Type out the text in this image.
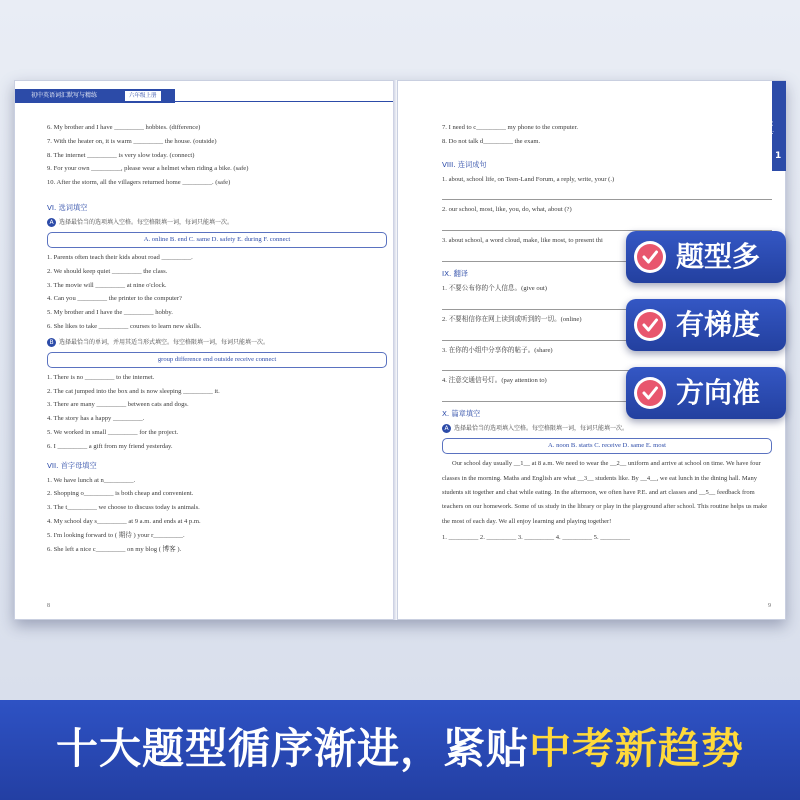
初中英语词汇默写与精练	六年级上册
6. My brother and I have _________ hobbies. (difference)
7. With the heater on, it is warm _________ the house. (outside)
8. The internet _________ is very slow today. (connect)
9. For your own _________, please wear a helmet when riding a bike. (safe)
10. After the storm, all the villagers returned home _________. (safe)
VI. 选词填空
A 选择最恰当的选项填入空格。每空格限填一词，每词只能填一次。
A. online B. end C. same D. safety E. during F. connect
1. Parents often teach their kids about road _________.
2. We should keep quiet _________ the class.
3. The movie will _________ at nine o'clock.
4. Can you _________ the printer to the computer?
5. My brother and I have the _________ hobby.
6. She likes to take _________ courses to learn new skills.
B 选择最恰当的单词，并用其适当形式填空。每空格限填一词，每词只能填一次。
group difference end outside receive connect
1. There is no _________ to the internet.
2. The cat jumped into the box and is now sleeping _________ it.
3. There are many _________ between cats and dogs.
4. The story has a happy _________.
5. We worked in small _________ for the project.
6. I _________ a gift from my friend yesterday.
VII. 首字母填空
1. We have lunch at n_________.
2. Shopping o_________ is both cheap and convenient.
3. The t_________ we choose to discuss today is animals.
4. My school day s_________ at 9 a.m. and ends at 4 p.m.
5. I'm looking forward to ( 期待 ) your r_________.
6. She left a nice c_________ on my blog ( 博客 ).
8
Unit
1
7. I need to c_________ my phone to the computer.
8. Do not talk d_________ the exam.
VIII. 连词成句
1. about, school life, on Teen-Land Forum, a reply, write, your (.)
2. our school, most, like, you, do, what, about (?)
3. about school, a word cloud, make, like most, to present thi
IX. 翻译
1. 不要公布你的个人信息。(give out)
2. 不要相信你在网上读到或听到的一切。(online)
3. 在你的小组中分享你的帖子。(share)
4. 注意交通信号灯。(pay attention to)
X. 篇章填空
A 选择最恰当的选项填入空格。每空格限填一词，每词只能填一次。
A. noon B. starts C. receive D. same E. most
Our school day usually __1__ at 8 a.m. We need to wear the __2__ uniform and arrive at school on time. We have four classes in the morning. Maths and English are what __3__ students like. By __4__, we eat lunch in the dining hall. Many students sit together and chat while eating. In the afternoon, we often have P.E. and art classes and __5__ feedback from teachers on our homework. Some of us study in the library or play in the playground after school. This routine helps us make the most of each day. We all enjoy learning and playing together!
1. _________ 2. _________ 3. _________ 4. _________ 5. _________
9
题型多
有梯度
方向准
十大题型循序渐进，紧贴中考新趋势
